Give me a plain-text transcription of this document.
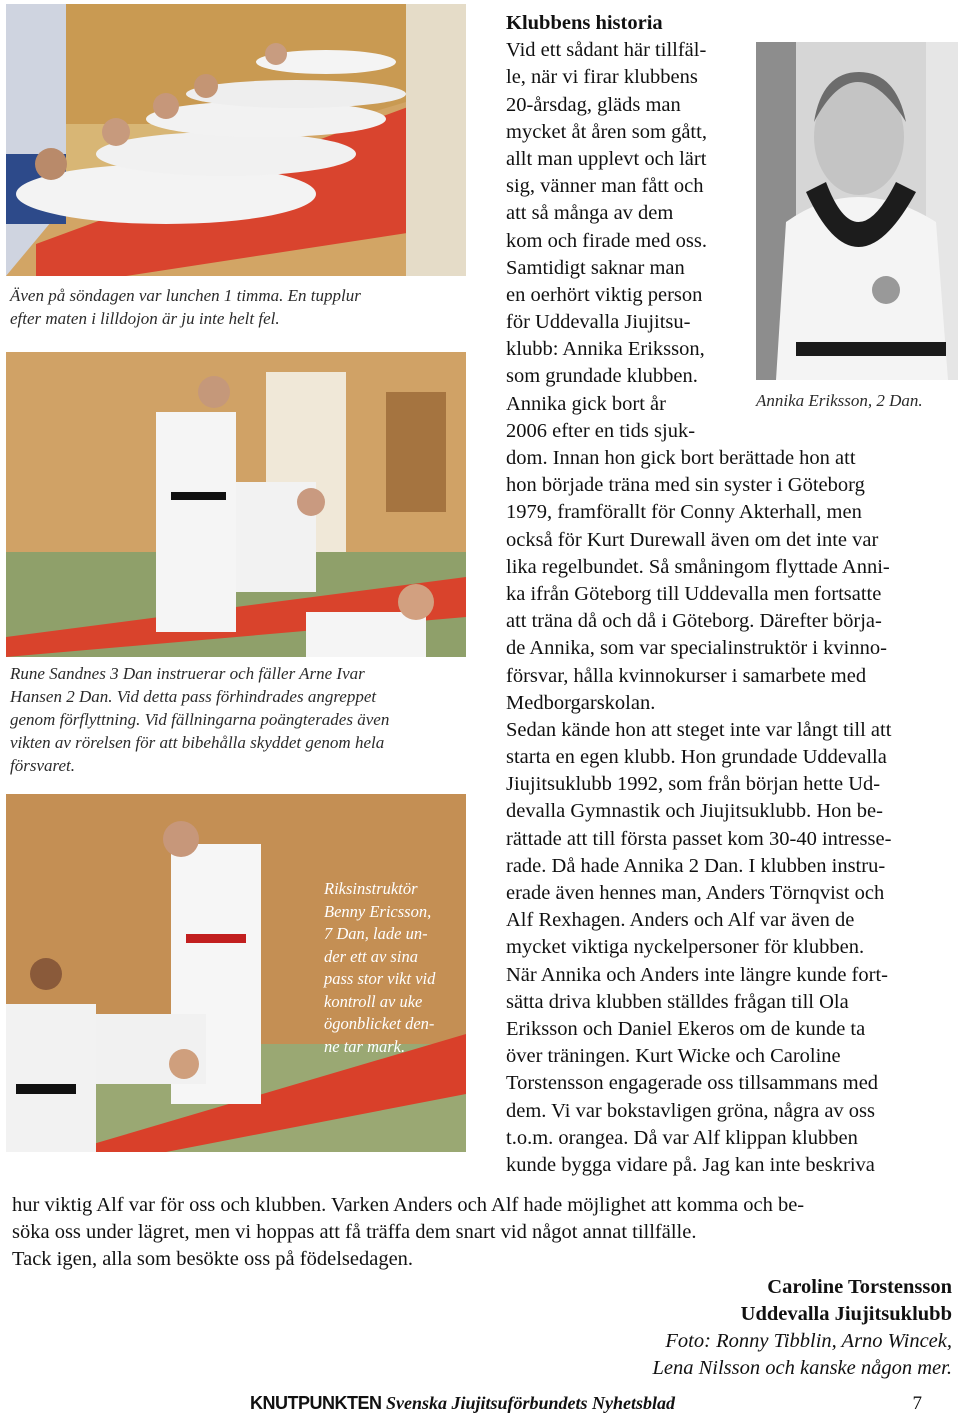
Även på söndagen var lunchen 1 timma. En tupplur
efter maten i lilldojon är ju inte helt fel.
Rune Sandnes 3 Dan instruerar och fäller Arne Ivar
Hansen 2 Dan. Vid detta pass förhindrades angreppet
genom förflyttning. Vid fällningarna poängterades även
vikten av rörelsen för att bibehålla skyddet genom hela
försvaret.
Riksinstruktör
Benny Ericsson,
7 Dan, lade un-
der ett av sina
pass stor vikt vid
kontroll av uke
ögonblicket den-
ne tar mark.
Annika Eriksson, 2 Dan.
Klubbens historia
Vid ett sådant här tillfäl-
le, när vi firar klubbens
20-årsdag, gläds man
mycket åt åren som gått,
allt man upplevt och lärt
sig, vänner man fått och
att så många av dem
kom och firade med oss.
Samtidigt saknar man
en oerhört viktig person
för Uddevalla Jiujitsu-
klubb: Annika Eriksson,
som grundade klubben.
Annika gick bort år
2006 efter en tids sjuk-
dom. Innan hon gick bort berättade hon att
hon började träna med sin syster i Göteborg
1979, framförallt för Conny Akterhall, men
också för Kurt Durewall även om det inte var
lika regelbundet. Så småningom flyttade Anni-
ka ifrån Göteborg till Uddevalla men fortsatte
att träna då och då i Göteborg. Därefter börja-
de Annika, som var specialinstruktör i kvinno-
försvar, hålla kvinnokurser i samarbete med
Medborgarskolan.
Sedan kände hon att steget inte var långt till att
starta en egen klubb. Hon grundade Uddevalla
Jiujitsuklubb 1992, som från början hette Ud-
devalla Gymnastik och Jiujitsuklubb. Hon be-
rättade att till första passet kom 30-40 intresse-
rade. Då hade Annika 2 Dan. I klubben instru-
erade även hennes man, Anders Törnqvist och
Alf Rexhagen. Anders och Alf var även de
mycket viktiga nyckelpersoner för klubben.
När Annika och Anders inte längre kunde fort-
sätta driva klubben ställdes frågan till Ola
Eriksson och Daniel Ekeros om de kunde ta
över träningen. Kurt Wicke och Caroline
Torstensson engagerade oss tillsammans med
dem. Vi var bokstavligen gröna, några av oss
t.o.m. orangea. Då var Alf klippan klubben
kunde bygga vidare på. Jag kan inte beskriva
hur viktig Alf var för oss och klubben. Varken Anders och Alf hade möjlighet att komma och be-
söka oss under lägret, men vi hoppas att få träffa dem snart vid något annat tillfälle.
Tack igen, alla som besökte oss på födelsedagen.
Caroline Torstensson
Uddevalla Jiujitsuklubb
Foto: Ronny Tibblin, Arno Wincek,
Lena Nilsson och kanske någon mer.
KNUTPUNKTEN Svenska Jiujitsuförbundets Nyhetsblad	7
